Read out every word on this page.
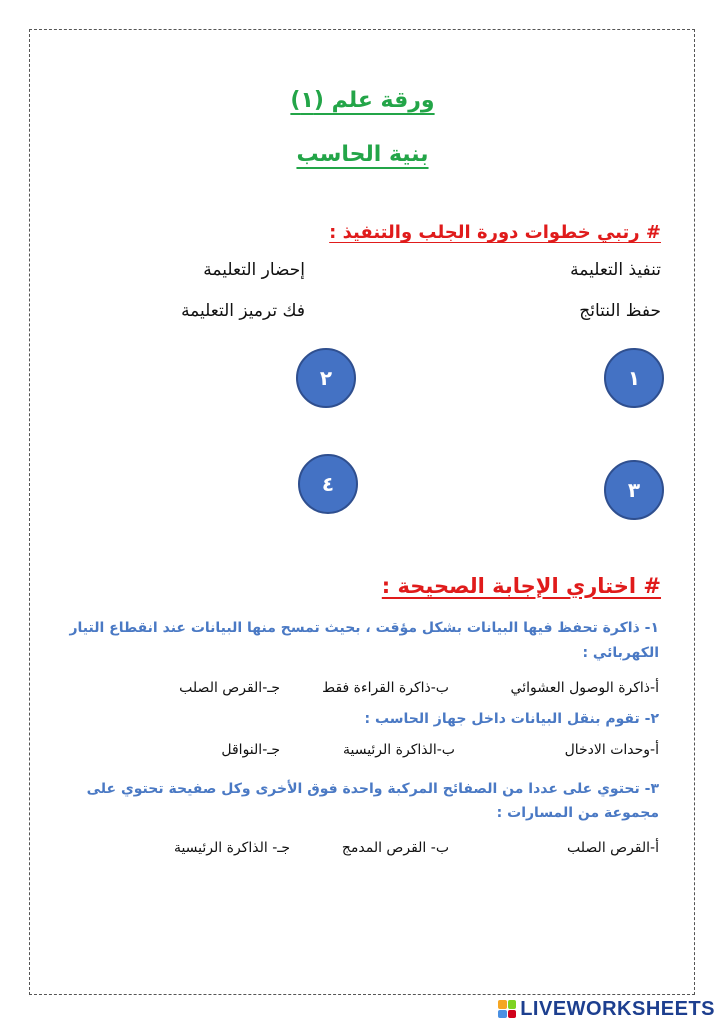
ورقة علم (١)
بنية الحاسب
# رتبي خطوات دورة الجلب والتنفيذ :
تنفيذ التعليمة
إحضار التعليمة
حفظ النتائج
فك ترميز التعليمة
١
٢
٣
٤
# اختاري الإجابة الصحيحة :
١- ذاكرة تحفظ فيها البيانات بشكل مؤقت ، بحيث تمسح منها البيانات عند انقطاع التيار
الكهربائي :
أ-ذاكرة الوصول العشوائي
ب-ذاكرة القراءة فقط
جـ-القرص الصلب
٢- تقوم بنقل البيانات داخل جهاز الحاسب :
أ-وحدات الادخال
ب-الذاكرة الرئيسية
جـ-النواقل
٣- تحتوي على عددا من الصفائح المركبة واحدة فوق الأخرى وكل صفيحة تحتوي على
مجموعة من المسارات :
أ-القرص الصلب
ب- القرص المدمج
جـ- الذاكرة الرئيسية
LIVEWORKSHEETS
